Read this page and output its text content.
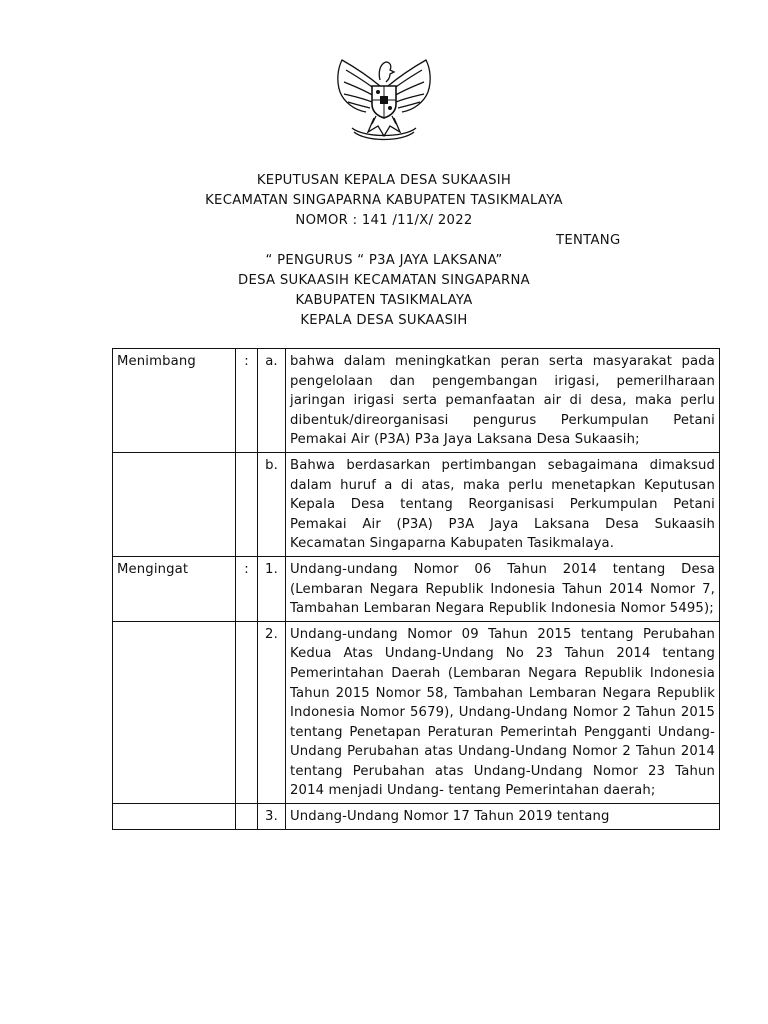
KEPUTUSAN KEPALA DESA SUKAASIH
KECAMATAN SINGAPARNA KABUPATEN TASIKMALAYA
NOMOR : 141 /11/X/ 2022
TENTANG
“ PENGURUS “ P3A JAYA LAKSANA”
DESA SUKAASIH KECAMATAN SINGAPARNA
KABUPATEN TASIKMALAYA
KEPALA DESA SUKAASIH
Menimbang	:	a.	bahwa dalam meningkatkan peran serta masyarakat pada pengelolaan dan pengembangan irigasi, pemerilharaan jaringan irigasi serta pemanfaatan air di desa, maka perlu dibentuk/direorganisasi pengurus Perkumpulan Petani Pemakai Air (P3A) P3a Jaya Laksana Desa Sukaasih;
		b.	Bahwa berdasarkan pertimbangan sebagaimana dimaksud dalam huruf a di atas, maka perlu menetapkan Keputusan Kepala Desa tentang Reorganisasi Perkumpulan Petani Pemakai Air (P3A) P3A Jaya Laksana Desa Sukaasih Kecamatan Singaparna Kabupaten Tasikmalaya.
Mengingat	:	1.	Undang-undang Nomor 06 Tahun 2014 tentang Desa (Lembaran Negara Republik Indonesia Tahun 2014 Nomor 7, Tambahan Lembaran Negara Republik Indonesia Nomor 5495);
		2.	Undang-undang Nomor 09 Tahun 2015 tentang Perubahan Kedua Atas Undang-Undang No 23 Tahun 2014 tentang Pemerintahan Daerah (Lembaran Negara Republik Indonesia Tahun 2015 Nomor 58, Tambahan Lembaran Negara Republik Indonesia Nomor 5679), Undang-Undang Nomor 2 Tahun 2015 tentang Penetapan Peraturan Pemerintah Pengganti Undang-Undang Perubahan atas Undang-Undang Nomor 2 Tahun 2014 tentang Perubahan atas Undang-Undang Nomor 23 Tahun 2014 menjadi Undang- tentang Pemerintahan daerah;
		3.	Undang-Undang Nomor 17 Tahun 2019 tentang
